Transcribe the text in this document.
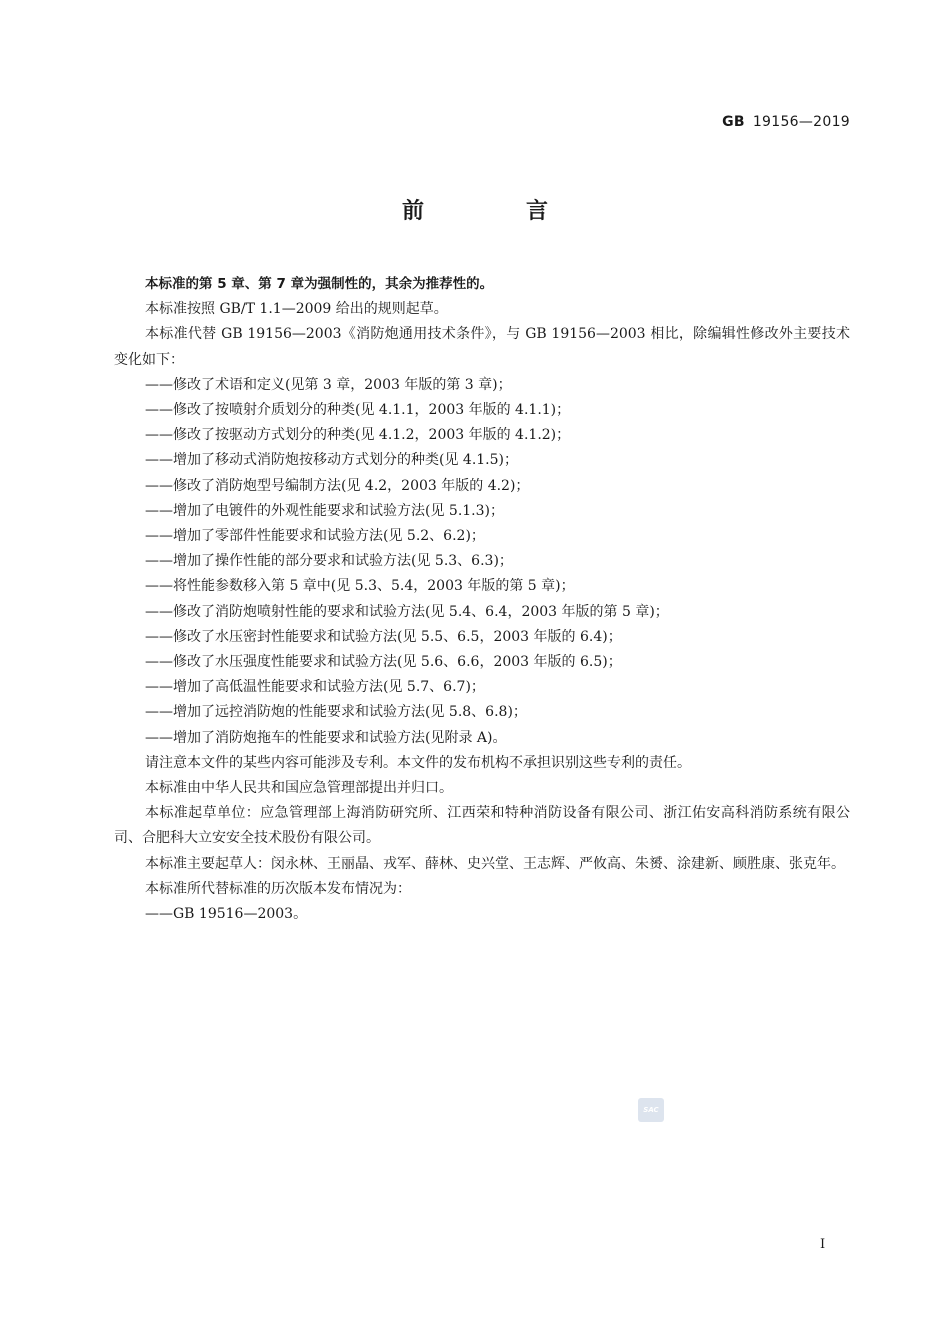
GB 19156—2019
前　言

本标准的第 5 章、第 7 章为强制性的，其余为推荐性的。

本标准按照 GB/T 1.1—2009 给出的规则起草。

本标准代替 GB 19156—2003《消防炮通用技术条件》，与 GB 19156—2003 相比，除编辑性修改外主要技术变化如下：

——修改了术语和定义(见第 3 章，2003 年版的第 3 章)；
——修改了按喷射介质划分的种类(见 4.1.1，2003 年版的 4.1.1)；
——修改了按驱动方式划分的种类(见 4.1.2，2003 年版的 4.1.2)；
——增加了移动式消防炮按移动方式划分的种类(见 4.1.5)；
——修改了消防炮型号编制方法(见 4.2，2003 年版的 4.2)；
——增加了电镀件的外观性能要求和试验方法(见 5.1.3)；
——增加了零部件性能要求和试验方法(见 5.2、6.2)；
——增加了操作性能的部分要求和试验方法(见 5.3、6.3)；
——将性能参数移入第 5 章中(见 5.3、5.4，2003 年版的第 5 章)；
——修改了消防炮喷射性能的要求和试验方法(见 5.4、6.4，2003 年版的第 5 章)；
——修改了水压密封性能要求和试验方法(见 5.5、6.5，2003 年版的 6.4)；
——修改了水压强度性能要求和试验方法(见 5.6、6.6，2003 年版的 6.5)；
——增加了高低温性能要求和试验方法(见 5.7、6.7)；
——增加了远控消防炮的性能要求和试验方法(见 5.8、6.8)；
——增加了消防炮拖车的性能要求和试验方法(见附录 A)。

请注意本文件的某些内容可能涉及专利。本文件的发布机构不承担识别这些专利的责任。

本标准由中华人民共和国应急管理部提出并归口。

本标准起草单位：应急管理部上海消防研究所、江西荣和特种消防设备有限公司、浙江佑安高科消防系统有限公司、合肥科大立安安全技术股份有限公司。

本标准主要起草人：闵永林、王丽晶、戎军、薛林、史兴堂、王志辉、严攸高、朱赟、涂建新、顾胜康、张克年。

本标准所代替标准的历次版本发布情况为：

——GB 19516—2003。
SAC
I
